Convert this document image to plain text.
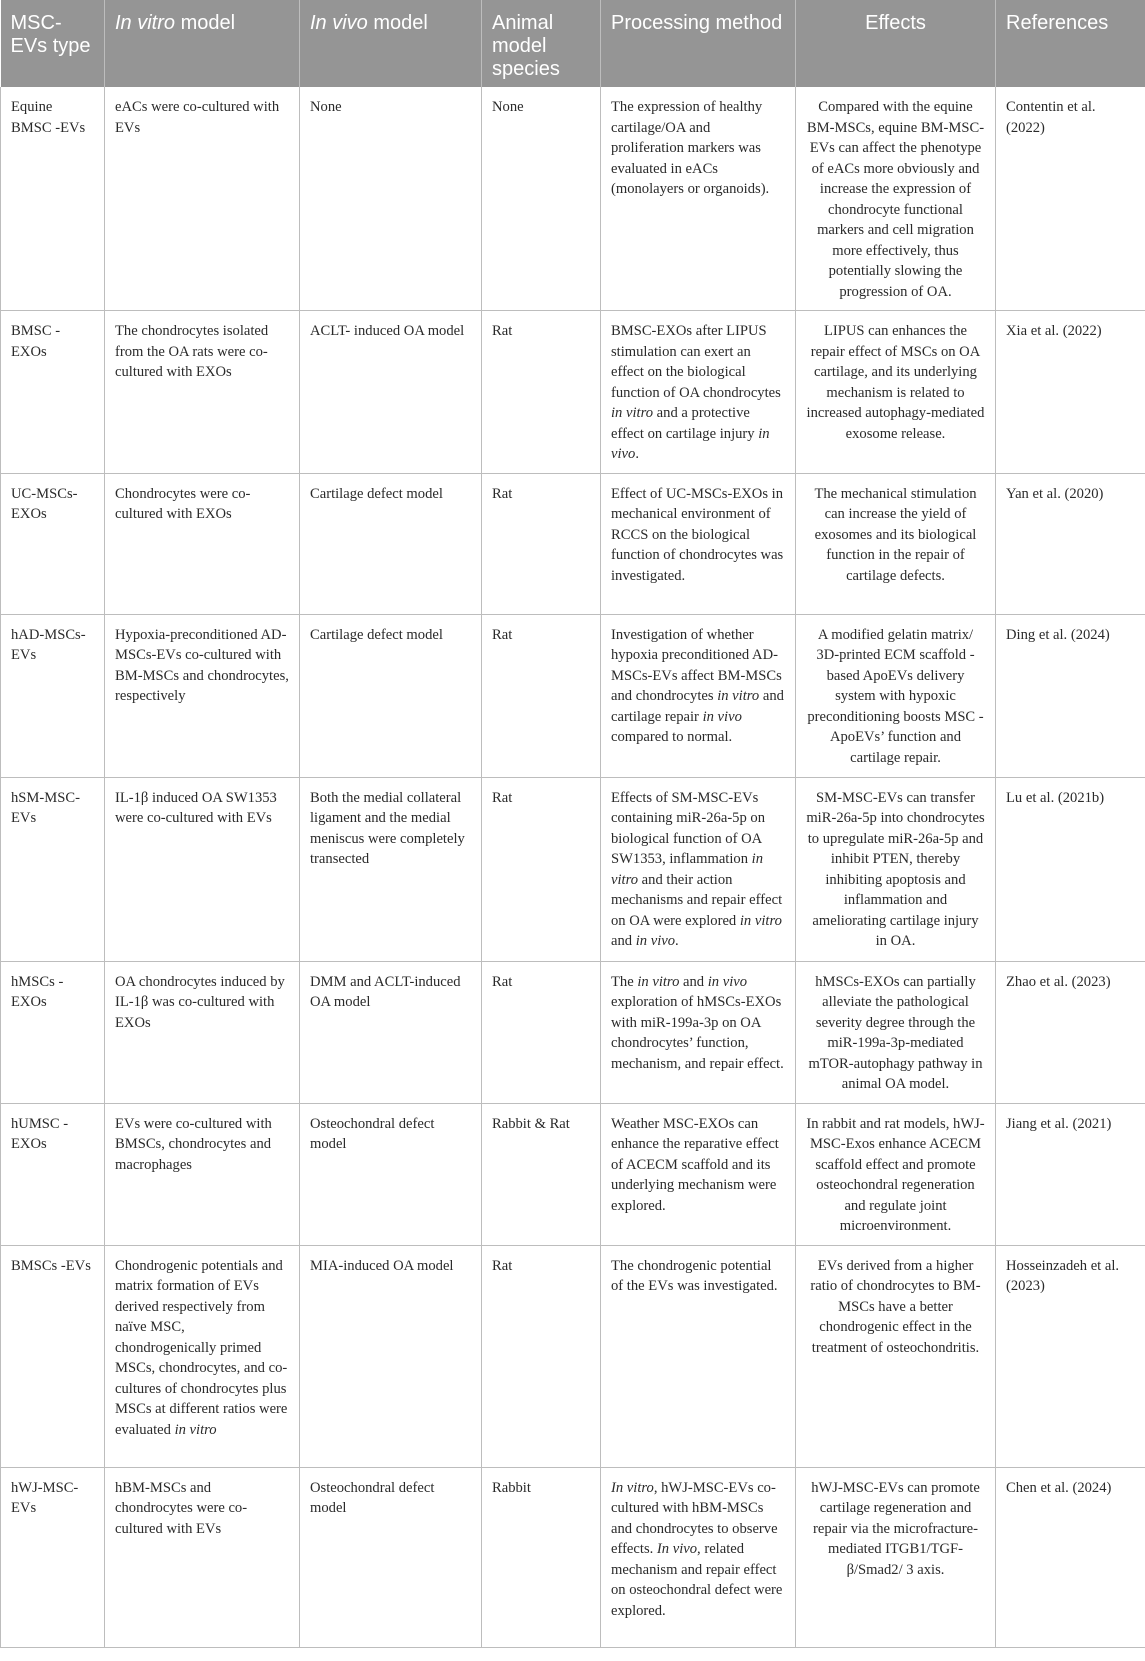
MSC-EVs type	In vitro model	In vivo model	Animal model species	Processing method	Effects	References
Equine BMSC -EVs	eACs were co-cultured with EVs	None	None	The expression of healthy cartilage/OA and proliferation markers was evaluated in eACs (monolayers or organoids).	Compared with the equine BM-MSCs, equine BM-MSC-EVs can affect the phenotype of eACs more obviously and increase the expression of chondrocyte functional markers and cell migration more effectively, thus potentially slowing the progression of OA.	Contentin et al. (2022)
BMSC -EXOs	The chondrocytes isolated from the OA rats were co-cultured with EXOs	ACLT- induced OA model	Rat	BMSC-EXOs after LIPUS stimulation can exert an effect on the biological function of OA chondrocytes in vitro and a protective effect on cartilage injury in vivo.	LIPUS can enhances the repair effect of MSCs on OA cartilage, and its underlying mechanism is related to increased autophagy-mediated exosome release.	Xia et al. (2022)
UC-MSCs-EXOs	Chondrocytes were co-cultured with EXOs	Cartilage defect model	Rat	Effect of UC-MSCs-EXOs in mechanical environment of RCCS on the biological function of chondrocytes was investigated.	The mechanical stimulation can increase the yield of exosomes and its biological function in the repair of cartilage defects.	Yan et al. (2020)
hAD-MSCs-EVs	Hypoxia-preconditioned AD-MSCs-EVs co-cultured with BM-MSCs and chondrocytes, respectively	Cartilage defect model	Rat	Investigation of whether hypoxia preconditioned AD-MSCs-EVs affect BM-MSCs and chondrocytes in vitro and cartilage repair in vivo compared to normal.	A modified gelatin matrix/ 3D-printed ECM scaffold -based ApoEVs delivery system with hypoxic preconditioning boosts MSC - ApoEVs’ function and cartilage repair.	Ding et al. (2024)
hSM-MSC-EVs	IL-1β induced OA SW1353 were co-cultured with EVs	Both the medial collateral ligament and the medial meniscus were completely transected	Rat	Effects of SM-MSC-EVs containing miR-26a-5p on biological function of OA SW1353, inflammation in vitro and their action mechanisms and repair effect on OA were explored in vitro and in vivo.	SM-MSC-EVs can transfer miR-26a-5p into chondrocytes to upregulate miR-26a-5p and inhibit PTEN, thereby inhibiting apoptosis and inflammation and ameliorating cartilage injury in OA.	Lu et al. (2021b)
hMSCs -EXOs	OA chondrocytes induced by IL-1β was co-cultured with EXOs	DMM and ACLT-induced OA model	Rat	The in vitro and in vivo exploration of hMSCs-EXOs with miR-199a-3p on OA chondrocytes’ function, mechanism, and repair effect.	hMSCs-EXOs can partially alleviate the pathological severity degree through the miR-199a-3p-mediated mTOR-autophagy pathway in animal OA model.	Zhao et al. (2023)
hUMSC -EXOs	EVs were co-cultured with BMSCs, chondrocytes and macrophages	Osteochondral defect model	Rabbit & Rat	Weather MSC-EXOs can enhance the reparative effect of ACECM scaffold and its underlying mechanism were explored.	In rabbit and rat models, hWJ-MSC-Exos enhance ACECM scaffold effect and promote osteochondral regeneration and regulate joint microenvironment.	Jiang et al. (2021)
BMSCs -EVs	Chondrogenic potentials and matrix formation of EVs derived respectively from naïve MSC, chondrogenically primed MSCs, chondrocytes, and co-cultures of chondrocytes plus MSCs at different ratios were evaluated in vitro	MIA-induced OA model	Rat	The chondrogenic potential of the EVs was investigated.	EVs derived from a higher ratio of chondrocytes to BM-MSCs have a better chondrogenic effect in the treatment of osteochondritis.	Hosseinzadeh et al. (2023)
hWJ-MSC-EVs	hBM-MSCs and chondrocytes were co-cultured with EVs	Osteochondral defect model	Rabbit	In vitro, hWJ-MSC-EVs co-cultured with hBM-MSCs and chondrocytes to observe effects. In vivo, related mechanism and repair effect on osteochondral defect were explored.	hWJ-MSC-EVs can promote cartilage regeneration and repair via the microfracture-mediated ITGB1/TGF-β/Smad2/ 3 axis.	Chen et al. (2024)
